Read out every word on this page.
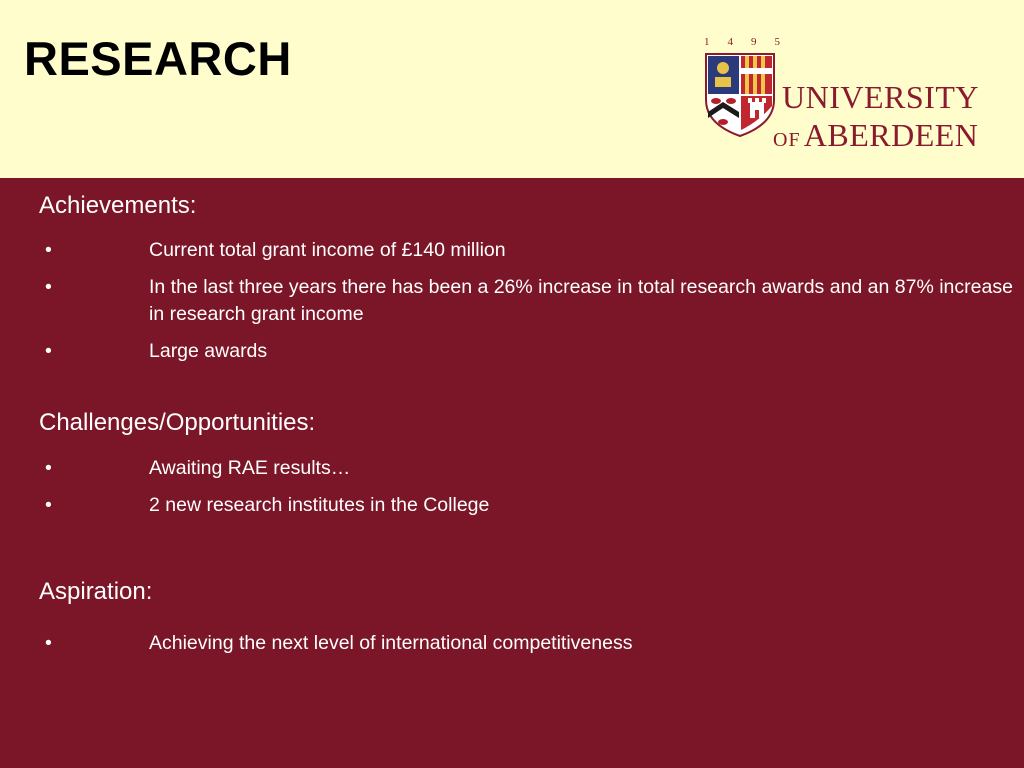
RESEARCH	1 4 9 5
UNIVERSITY
OF ABERDEEN
Achievements:
•	Current total grant income of £140 million
•	In the last three years there has been a 26% increase in total research awards and an 87% increase in research grant income
•	Large awards
Challenges/Opportunities:
•	Awaiting RAE results…
•	2 new research institutes in the College
Aspiration:
•	Achieving the next level of international competitiveness
